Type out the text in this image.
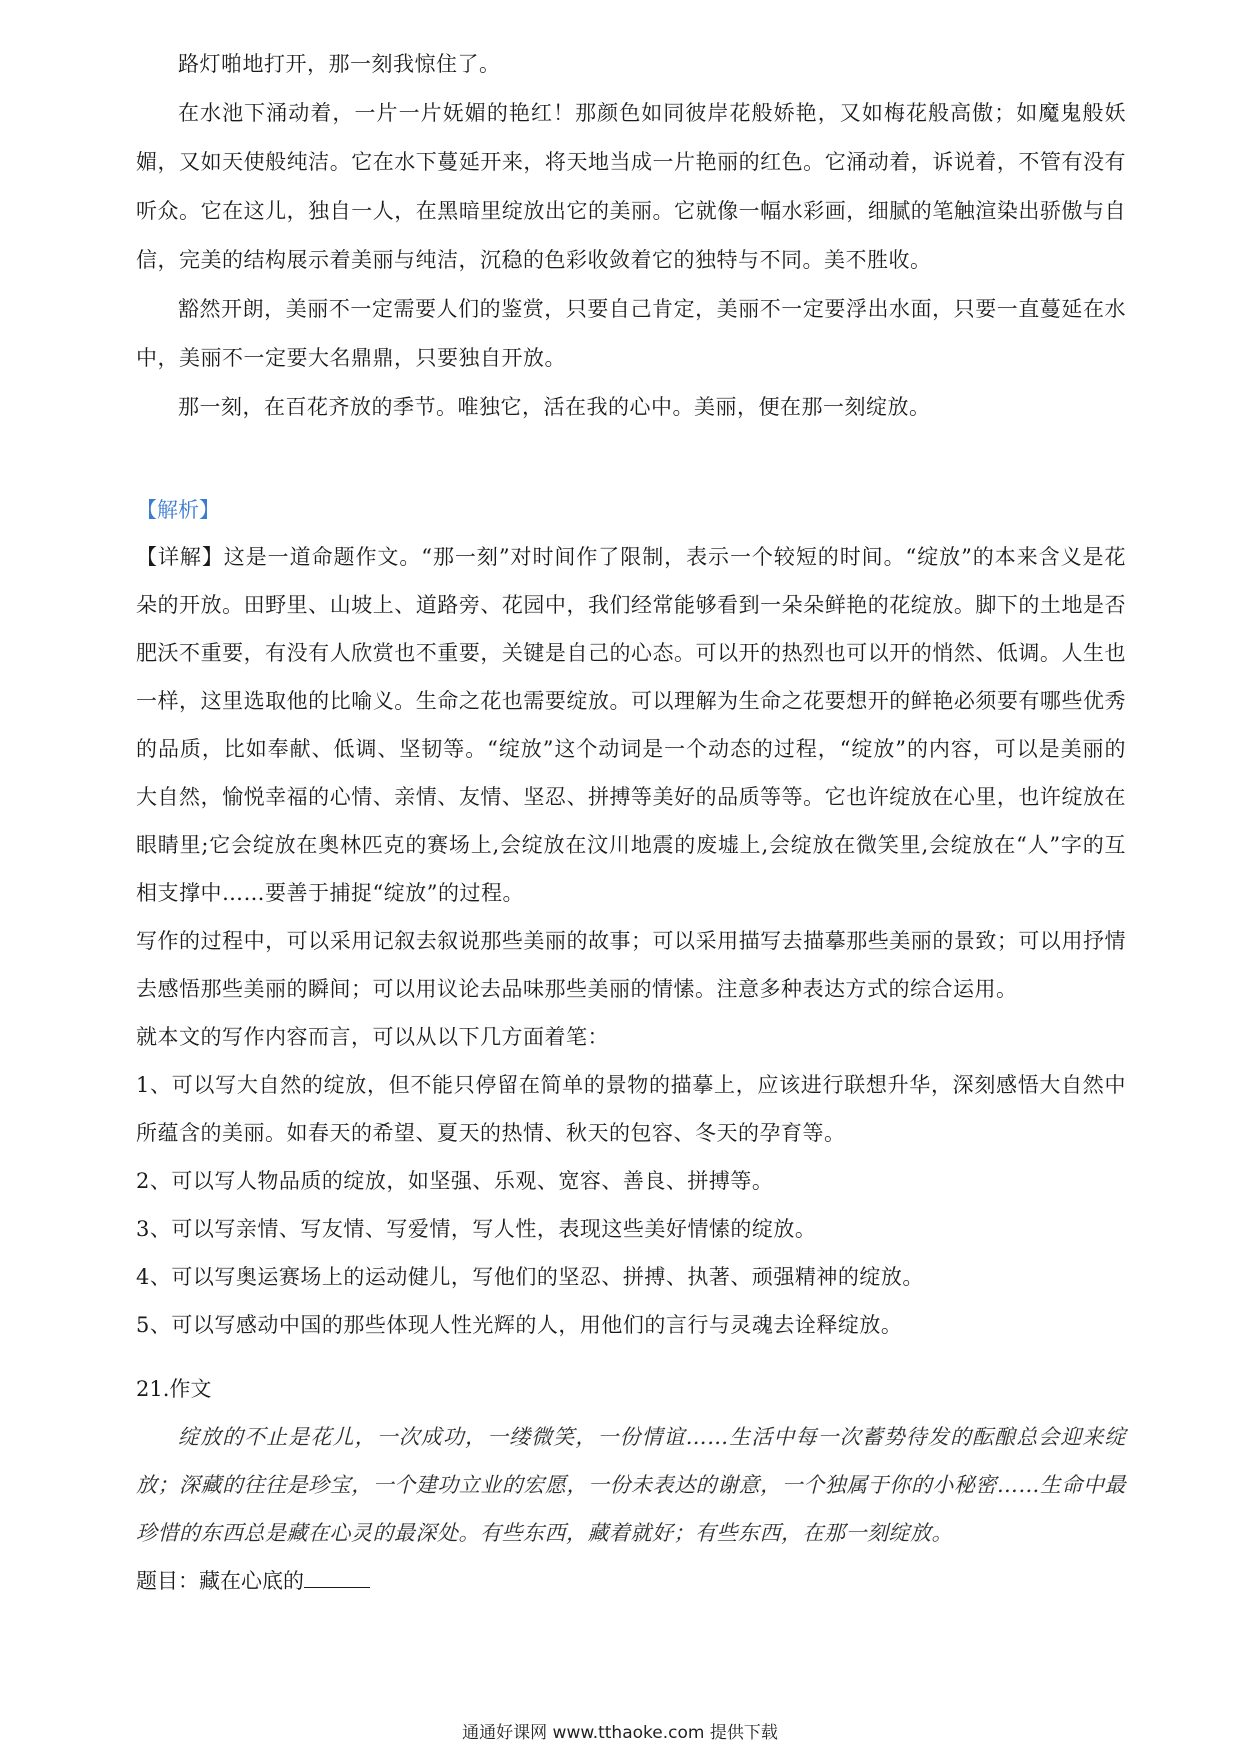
路灯啪地打开，那一刻我惊住了。

在水池下涌动着，一片一片妩媚的艳红！那颜色如同彼岸花般娇艳，又如梅花般高傲；如魔鬼般妖媚，又如天使般纯洁。它在水下蔓延开来，将天地当成一片艳丽的红色。它涌动着，诉说着，不管有没有听众。它在这儿，独自一人，在黑暗里绽放出它的美丽。它就像一幅水彩画，细腻的笔触渲染出骄傲与自信，完美的结构展示着美丽与纯洁，沉稳的色彩收敛着它的独特与不同。美不胜收。

豁然开朗，美丽不一定需要人们的鉴赏，只要自己肯定，美丽不一定要浮出水面，只要一直蔓延在水中，美丽不一定要大名鼎鼎，只要独自开放。

那一刻，在百花齐放的季节。唯独它，活在我的心中。美丽，便在那一刻绽放。

【解析】

【详解】这是一道命题作文。“那一刻”对时间作了限制，表示一个较短的时间。“绽放”的本来含义是花朵的开放。田野里、山坡上、道路旁、花园中，我们经常能够看到一朵朵鲜艳的花绽放。脚下的土地是否肥沃不重要，有没有人欣赏也不重要，关键是自己的心态。可以开的热烈也可以开的悄然、低调。人生也一样，这里选取他的比喻义。生命之花也需要绽放。可以理解为生命之花要想开的鲜艳必须要有哪些优秀的品质，比如奉献、低调、坚韧等。“绽放”这个动词是一个动态的过程，“绽放”的内容，可以是美丽的大自然，愉悦幸福的心情、亲情、友情、坚忍、拼搏等美好的品质等等。它也许绽放在心里，也许绽放在眼睛里;它会绽放在奥林匹克的赛场上,会绽放在汶川地震的废墟上,会绽放在微笑里,会绽放在“人”字的互相支撑中……要善于捕捉“绽放”的过程。

写作的过程中，可以采用记叙去叙说那些美丽的故事；可以采用描写去描摹那些美丽的景致；可以用抒情去感悟那些美丽的瞬间；可以用议论去品味那些美丽的情愫。注意多种表达方式的综合运用。

就本文的写作内容而言，可以从以下几方面着笔：

1、可以写大自然的绽放，但不能只停留在简单的景物的描摹上，应该进行联想升华，深刻感悟大自然中所蕴含的美丽。如春天的希望、夏天的热情、秋天的包容、冬天的孕育等。

2、可以写人物品质的绽放，如坚强、乐观、宽容、善良、拼搏等。

3、可以写亲情、写友情、写爱情，写人性，表现这些美好情愫的绽放。

4、可以写奥运赛场上的运动健儿，写他们的坚忍、拼搏、执著、顽强精神的绽放。

5、可以写感动中国的那些体现人性光辉的人，用他们的言行与灵魂去诠释绽放。

21.作文

绽放的不止是花儿，一次成功，一缕微笑，一份情谊……生活中每一次蓄势待发的酝酿总会迎来绽放；深藏的往往是珍宝，一个建功立业的宏愿，一份未表达的谢意，一个独属于你的小秘密……生命中最珍惜的东西总是藏在心灵的最深处。有些东西，藏着就好；有些东西，在那一刻绽放。

题目：藏在心底的

通通好课网 www.tthaoke.com 提供下载
